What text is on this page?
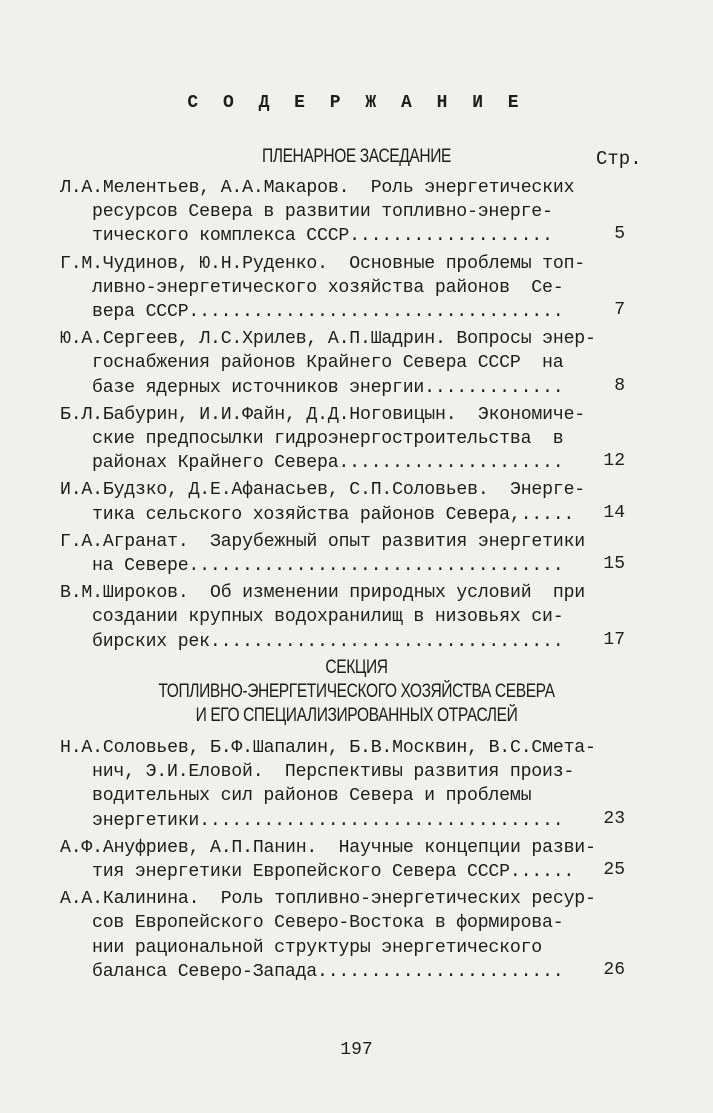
С О Д Е Р Ж А Н И Е
ПЛЕНАРНОЕ ЗАСЕДАНИЕ	Стр.
Л.А.Мелентьев, А.А.Макаров.  Роль энергетических
ресурсов Севера в развитии топливно-энерге-
тического комплекса СССР...................	5
Г.М.Чудинов, Ю.Н.Руденко.  Основные проблемы топ-
ливно-энергетического хозяйства районов  Се-
вера СССР...................................	7
Ю.А.Сергеев, Л.С.Хрилев, А.П.Шадрин. Вопросы энер-
госнабжения районов Крайнего Севера СССР  на
базе ядерных источников энергии.............	8
Б.Л.Бабурин, И.И.Файн, Д.Д.Ноговицын.  Экономиче-
ские предпосылки гидроэнергостроительства  в
районах Крайнего Севера..................... 12
И.А.Будзко, Д.Е.Афанасьев, С.П.Соловьев.  Энерге-
тика сельского хозяйства районов Севера,..... 14
Г.А.Агранат.  Зарубежный опыт развития энергетики
на Севере................................... 15
В.М.Широков.  Об изменении природных условий  при
создании крупных водохранилищ в низовьях си-
бирских рек................................. 17
СЕКЦИЯ
ТОПЛИВНО-ЭНЕРГЕТИЧЕСКОГО ХОЗЯЙСТВА СЕВЕРА
И ЕГО СПЕЦИАЛИЗИРОВАННЫХ ОТРАСЛЕЙ
Н.А.Соловьев, Б.Ф.Шапалин, Б.В.Москвин, В.С.Смета-
нич, Э.И.Еловой.  Перспективы развития произ-
водительных сил районов Севера и проблемы
энергетики.................................. 23
А.Ф.Ануфриев, А.П.Панин.  Научные концепции разви-
тия энергетики Европейского Севера СССР...... 25
А.А.Калинина.  Роль топливно-энергетических ресур-
сов Европейского Северо-Востока в формирова-
нии рациональной структуры энергетического
баланса Северо-Запада....................... 26
197
